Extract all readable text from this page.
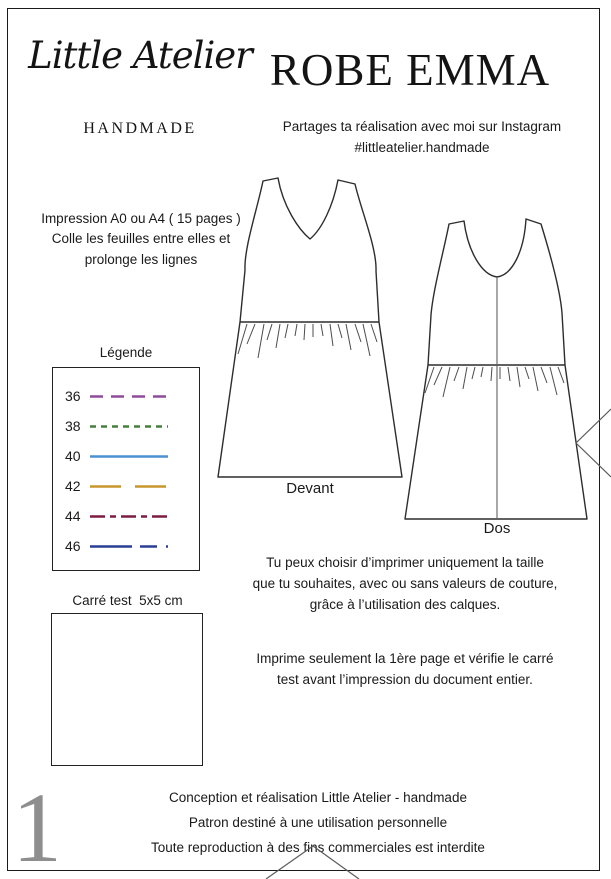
Little Atelier
HANDMADE
ROBE EMMA
Partages ta réalisation avec moi sur Instagram
#littleatelier.handmade
Impression A0 ou A4 ( 15 pages )
Colle les feuilles entre elles et
prolonge les lignes
Légende
36
38
40
42
44
46
Carré test  5x5 cm
Devant
Dos
Tu peux choisir d’imprimer uniquement la taille
que tu souhaites, avec ou sans valeurs de couture,
grâce à l’utilisation des calques.
Imprime seulement la 1ère page et vérifie le carré
test avant l’impression du document entier.
Conception et réalisation Little Atelier - handmade
Patron destiné à une utilisation personnelle
Toute reproduction à des fins commerciales est interdite
1
